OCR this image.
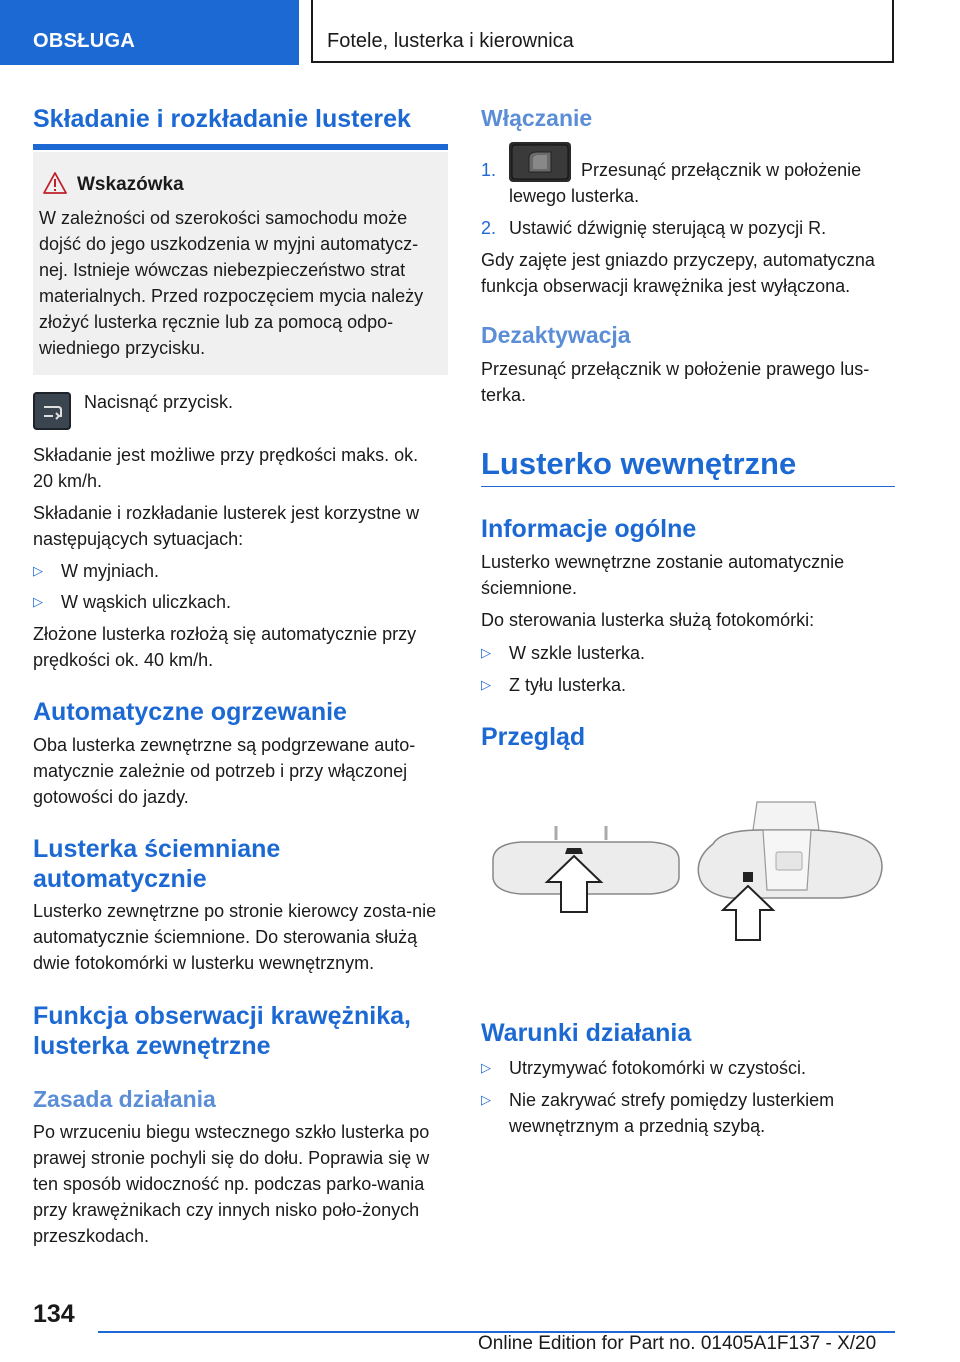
OBSŁUGA	Fotele, lusterka i kierownica
Składanie i rozkładanie lusterek
Wskazówka
W zależności od szerokości samochodu może dojść do jego uszkodzenia w myjni automatycz-nej. Istnieje wówczas niebezpieczeństwo strat materialnych. Przed rozpoczęciem mycia należy złożyć lusterka ręcznie lub za pomocą odpo-wiedniego przycisku.

Nacisnąć przycisk.

Składanie jest możliwe przy prędkości maks. ok. 20 km/h.

Składanie i rozkładanie lusterek jest korzystne w następujących sytuacjach:

▷ W myjniach.
▷ W wąskich uliczkach.

Złożone lusterka rozłożą się automatycznie przy prędkości ok. 40 km/h.

Automatyczne ogrzewanie

Oba lusterka zewnętrzne są podgrzewane auto-matycznie zależnie od potrzeb i przy włączonej gotowości do jazdy.

Lusterka ściemniane
automatycznie

Lusterko zewnętrzne po stronie kierowcy zosta-nie automatycznie ściemnione. Do sterowania służą dwie fotokomórki w lusterku wewnętrznym.

Funkcja obserwacji krawężnika,
lusterka zewnętrzne
Zasada działania

Po wrzuceniu biegu wstecznego szkło lusterka po prawej stronie pochyli się do dołu. Poprawia się w ten sposób widoczność np. podczas parko-wania przy krawężnikach czy innych nisko poło-żonych przeszkodach.

Włączanie
1.	Przesunąć przełącznik w położenie

lewego lusterka.

2. Ustawić dźwignię sterującą w pozycji R.

Gdy zajęte jest gniazdo przyczepy, automatyczna funkcja obserwacji krawężnika jest wyłączona.

Dezaktywacja

Przesunąć przełącznik w położenie prawego lus-terka.

Lusterko wewnętrzne
Informacje ogólne

Lusterko wewnętrzne zostanie automatycznie ściemnione.

Do sterowania lusterka służą fotokomórki:

▷ W szkle lusterka.
▷ Z tyłu lusterka.
Przegląd
Warunki działania
▷ Utrzymywać fotokomórki w czystości.
▷ Nie zakrywać strefy pomiędzy lusterkiem
wewnętrznym a przednią szybą.
134
Online Edition for Part no. 01405A1F137 - X/20
